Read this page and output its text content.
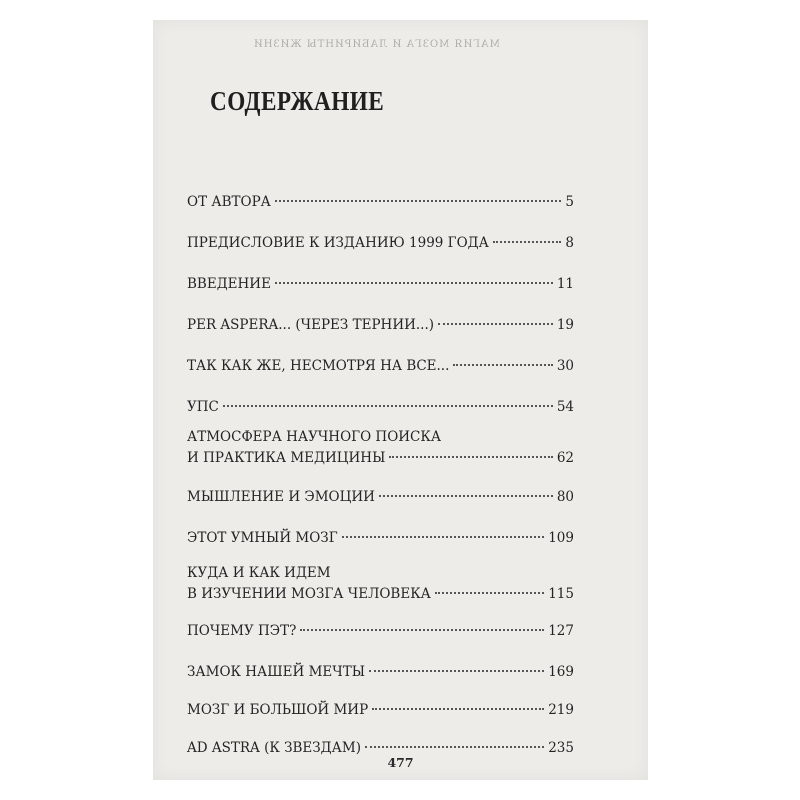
МАГИЯ МОЗГА И ЛАБИРИНТЫ ЖИЗНИ
СОДЕРЖАНИЕ
ОТ АВТОРА	5
ПРЕДИСЛОВИЕ К ИЗДАНИЮ 1999 ГОДА	8
ВВЕДЕНИЕ	11
PER ASPERA... (ЧЕРЕЗ ТЕРНИИ...)	19
ТАК КАК ЖЕ, НЕСМОТРЯ НА ВСЕ...	30
УПС	54
АТМОСФЕРА НАУЧНОГО ПОИСКА
И ПРАКТИКА МЕДИЦИНЫ	62
МЫШЛЕНИЕ И ЭМОЦИИ	80
ЭТОТ УМНЫЙ МОЗГ	109
КУДА И КАК ИДЕМ
В ИЗУЧЕНИИ МОЗГА ЧЕЛОВЕКА	115
ПОЧЕМУ ПЭТ?	127
ЗАМОК НАШЕЙ МЕЧТЫ	169
МОЗГ И БОЛЬШОЙ МИР	219
AD ASTRA (К ЗВЕЗДАМ)	235
477
